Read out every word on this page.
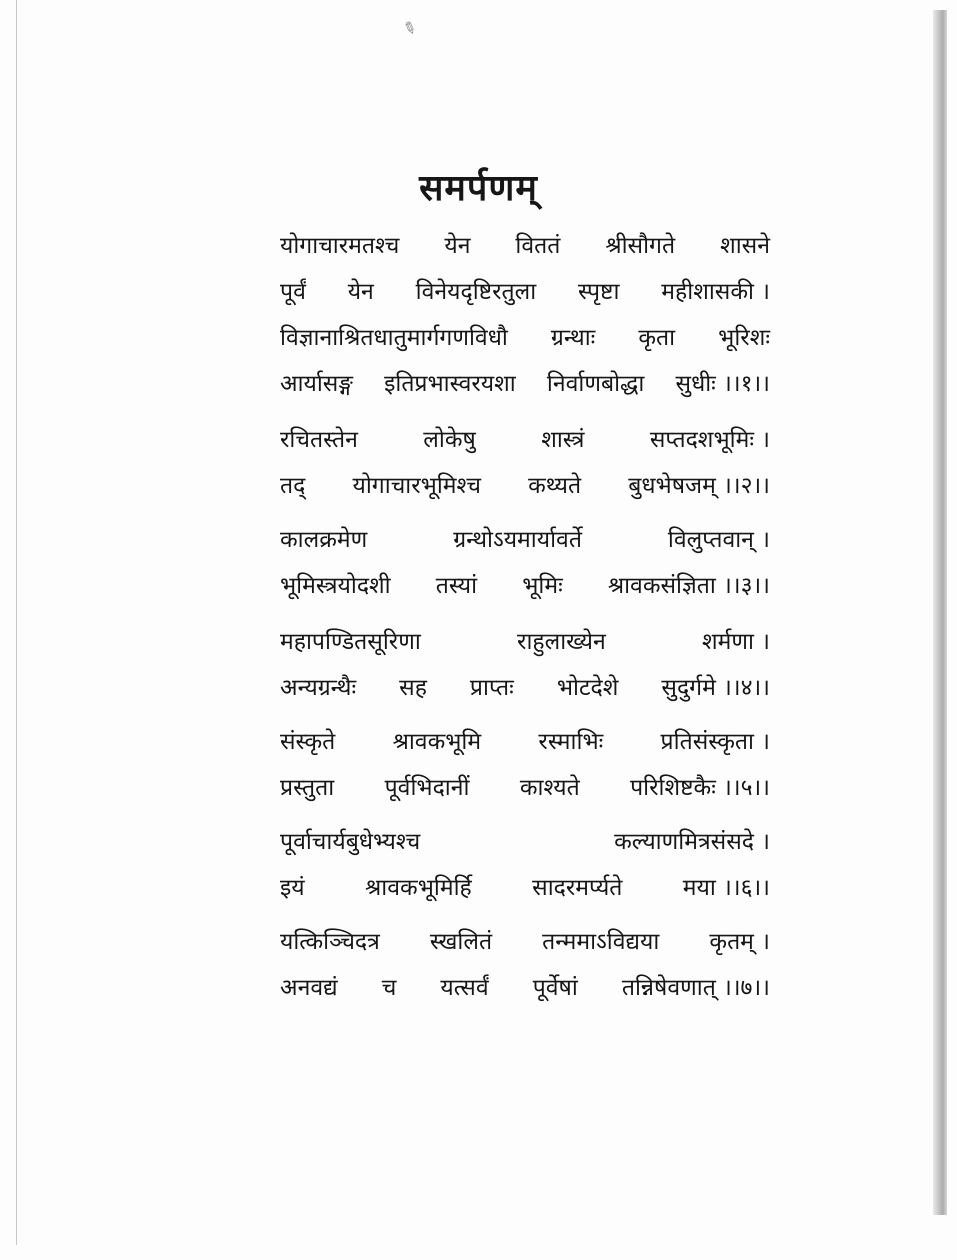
✎
समर्पणम्
योगाचारमतश्च येन विततं श्रीसौगते शासने
पूर्वं येन विनेयदृष्टिरतुला स्पृष्टा महीशासकी ।
विज्ञानाश्रितधातुमार्गगणविधौ ग्रन्थाः कृता भूरिशः
आर्यासङ्ग इतिप्रभास्वरयशा निर्वाणबोद्धा सुधीः ।।१।।
रचितस्तेन	लोकेषु	शास्त्रं	सप्तदशभूमिः ।
तद् योगाचारभूमिश्च कथ्यते बुधभेषजम् ।।२।।
कालक्रमेण	ग्रन्थोऽयमार्यावर्ते	विलुप्तवान् ।
भूमिस्त्रयोदशी तस्यां भूमिः श्रावकसंज्ञिता ।।३।।
महापण्डितसूरिणा	राहुलाख्येन	शर्मणा ।
अन्यग्रन्थैः सह प्राप्तः भोटदेशे सुदुर्गमे ।।४।।
संस्कृते श्रावकभूमि रस्माभिः प्रतिसंस्कृता ।
प्रस्तुता पूर्वभिदानीं काश्यते परिशिष्टकैः ।।५।।
पूर्वाचार्यबुधेभ्यश्च	कल्याणमित्रसंसदे ।
इयं	श्रावकभूमिर्हि	सादरमर्प्यते	मया ।।६।।
यत्किञ्चिदत्र स्खलितं तन्ममाऽविद्यया कृतम् ।
अनवद्यं च यत्सर्वं पूर्वेषां तन्निषेवणात् ।।७।।
